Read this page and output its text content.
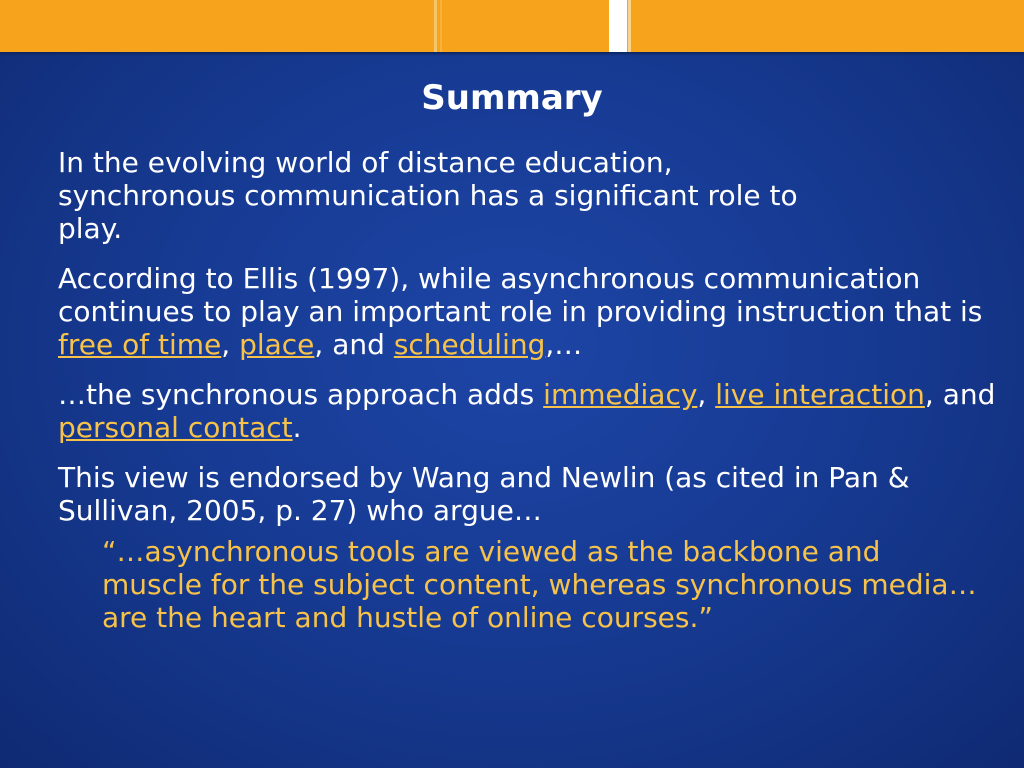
Summary

In the evolving world of distance education, synchronous communication has a significant role to play.

According to Ellis (1997), while asynchronous communication continues to play an important role in providing instruction that is free of time, place, and scheduling,…

…the synchronous approach adds immediacy, live interaction, and personal contact.

This view is endorsed by Wang and Newlin (as cited in Pan & Sullivan, 2005, p. 27) who argue…

“…asynchronous tools are viewed as the backbone and muscle for the subject content, whereas synchronous media…are the heart and hustle of online courses.”
